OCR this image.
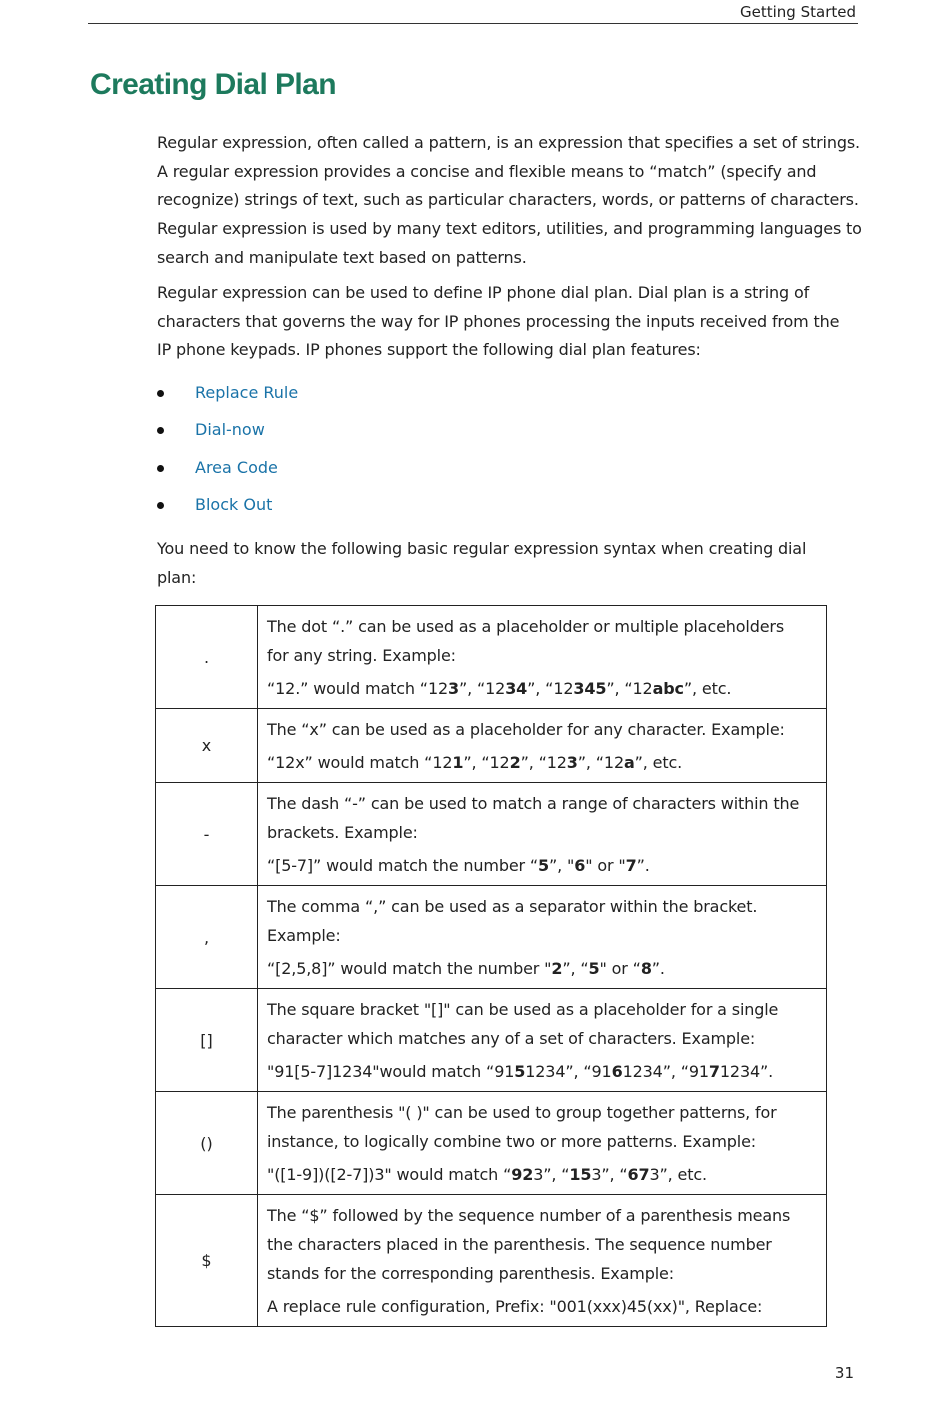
Getting Started
Creating Dial Plan

Regular expression, often called a pattern, is an expression that specifies a set of strings.
A regular expression provides a concise and flexible means to “match” (specify and
recognize) strings of text, such as particular characters, words, or patterns of characters.
Regular expression is used by many text editors, utilities, and programming languages to
search and manipulate text based on patterns.

Regular expression can be used to define IP phone dial plan. Dial plan is a string of
characters that governs the way for IP phones processing the inputs received from the
IP phone keypads. IP phones support the following dial plan features:

Replace Rule
Dial-now
Area Code
Block Out

You need to know the following basic regular expression syntax when creating dial
plan:

.	The dot “.” can be used as a placeholder or multiple placeholders
for any string. Example:
“12.” would match “123”, “1234”, “12345”, “12abc”, etc.

x	The “x” can be used as a placeholder for any character. Example:
“12x” would match “121”, “122”, “123”, “12a”, etc.

-	The dash “-” can be used to match a range of characters within the
brackets. Example:
“[5-7]” would match the number “5”, "6" or "7”.

,	The comma “,” can be used as a separator within the bracket.
Example:
“[2,5,8]” would match the number "2”, “5" or “8”.

[]	The square bracket "[]" can be used as a placeholder for a single
character which matches any of a set of characters. Example:
"91[5-7]1234"would match “9151234”, “9161234”, “9171234”.

()	The parenthesis "( )" can be used to group together patterns, for
instance, to logically combine two or more patterns. Example:
"([1-9])([2-7])3" would match “923”, “153”, “673”, etc.

$	The “$” followed by the sequence number of a parenthesis means
the characters placed in the parenthesis. The sequence number
stands for the corresponding parenthesis. Example:
A replace rule configuration, Prefix: "001(xxx)45(xx)", Replace:
31
